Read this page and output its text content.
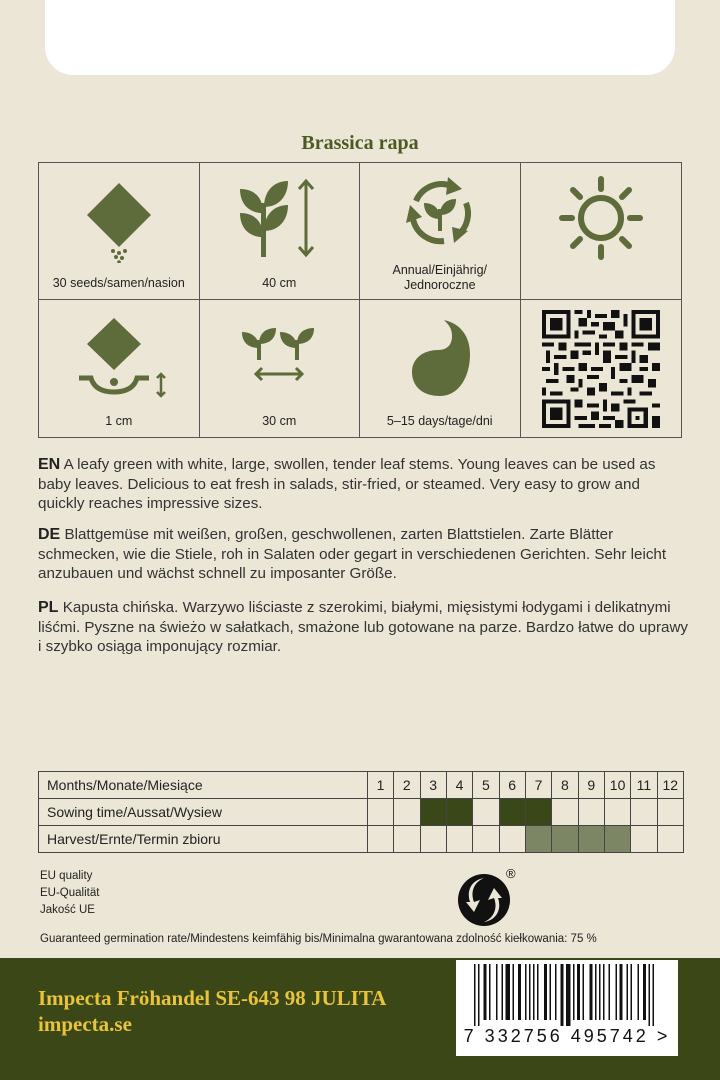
Brassica rapa
30 seeds/samen/nasion	40 cm
Annual/Einjährig/
Jednoroczne
1 cm	30 cm	5–15 days/tage/dni
EN A leafy green with white, large, swollen, tender leaf stems. Young leaves can be used as baby leaves. Delicious to eat fresh in salads, stir-fried, or steamed. Very easy to grow and quickly reaches impressive sizes.
DE Blattgemüse mit weißen, großen, geschwollenen, zarten Blattstielen. Zarte Blätter schmecken, wie die Stiele, roh in Salaten oder gegart in verschiedenen Gerichten. Sehr leicht anzubauen und wächst schnell zu imposanter Größe.
PL Kapusta chińska. Warzywo liściaste z szerokimi, białymi, mięsistymi łodygami i delikatnymi liśćmi. Pyszne na świeżo w sałatkach, smażone lub gotowane na parze. Bardzo łatwe do uprawy i szybko osiąga imponujący rozmiar.
Months/Monate/Miesiące	1	2	3	4	5	6	7	8	9	10	11	12
Sowing time/Aussat/Wysiew												
Harvest/Ernte/Termin zbioru												
EU quality
EU-Qualität
Jakość UE
®
Guaranteed germination rate/Mindestens keimfähig bis/Minimalna gwarantowana zdolność kiełkowania: 75 %
Impecta Fröhandel SE-643 98 JULITA
impecta.se	7 332756 495742 >
